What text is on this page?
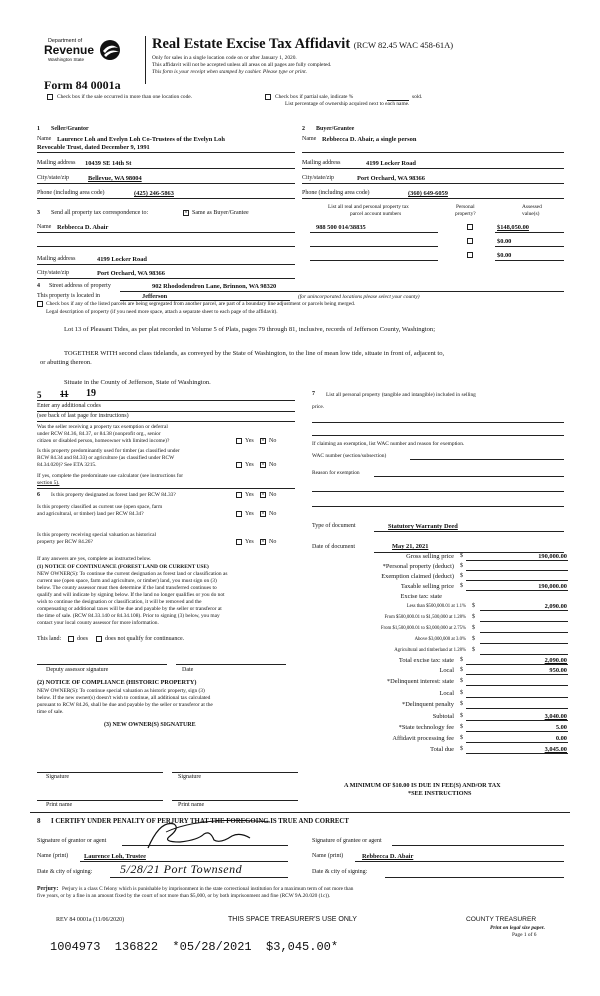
Department of
Revenue
Washington State
Real Estate Excise Tax Affidavit (RCW 82.45 WAC 458-61A)
Only for sales in a single location code on or after January 1, 2020.
This affidavit will not be accepted unless all areas on all pages are fully completed.
This form is your receipt when stamped by cashier. Please type or print.
Form 84 0001a
Check box if the sale occurred in more than one location code.	Check box if partial sale, indicate %	sold.
List percentage of ownership acquired next to each name.
1 Seller/Grantor
Name Laurence Loh and Evelyn Loh Co-Trustees of the Evelyn Loh
Revocable Trust, dated December 9, 1991
Mailing address 10439 SE 14th St
City/state/zip	Bellevue, WA 98004
Phone (including area code)	(425) 246-5863
2 Buyer/Grantee
Name Rebbecca D. Abair, a single person
Mailing address	4199 Locker Road
City/state/zip	Port Orchard, WA 98366
Phone (including area code)	(360) 649-6059
3 Send all property tax correspondence to:	× Same as Buyer/Grantee
Name Rebbecca D. Abair
Mailing address	4199 Locker Road
City/state/zip	Port Orchard, WA 98366
List all real and personal property tax
parcel account numbers
Personal
property?
Assessed
value(s)
988 500 014/38835	$148,050.00
$0.00
$0.00
4 Street address of property	902 Rhododendron Lane, Brinnon, WA 98320
This property is located in	Jefferson	(for unincorporated locations please select your county)
Check box if any of the listed parcels are being segregated from another parcel, are part of a boundary line adjustment or parcels being merged.
Legal description of property (if you need more space, attach a separate sheet to each page of the affidavit).
Lot 13 of Pleasant Tides, as per plat recorded in Volume 5 of Plats, pages 79 through 81, inclusive, records of Jefferson County, Washington;
TOGETHER WITH second class tidelands, as conveyed by the State of Washington, to the line of mean low tide, situate in front of, adjacent to,
or abutting thereon.
Situate in the County of Jefferson, State of Washington.
5 11 19
Enter any additional codes
(see back of last page for instructions)
Was the seller receiving a property tax exemption or deferral
under RCW 84.36, 84.37, or 84.38 (nonprofit org., senior
citizen or disabled person, homeowner with limited income)?	Yes × No
Is this property predominantly used for timber (as classified under
RCW 84.34 and 84.33) or agriculture (as classified under RCW
84.34.020)? See ETA 3215.	Yes × No
If yes, complete the predominate use calculator (see instructions for
section 5).
6 Is this property designated as forest land per RCW 84.33?	Yes × No
Is this property classified as current use (open space, farm
and agricultural, or timber) land per RCW 84.34?	Yes × No
Is this property receiving special valuation as historical
property per RCW 84.26?	Yes × No
If any answers are yes, complete as instructed below.
(1) NOTICE OF CONTINUANCE (FOREST LAND OR CURRENT USE)
NEW OWNER(S): To continue the current designation as forest land or classification as
current use (open space, farm and agriculture, or timber) land, you must sign on (3)
below. The county assessor must then determine if the land transferred continues to
qualify and will indicate by signing below. If the land no longer qualifies or you do not
wish to continue the designation or classification, it will be removed and the
compensating or additional taxes will be due and payable by the seller or transferor at
the time of sale. (RCW 84.33.140 or 84.34.108). Prior to signing (3) below, you may
contact your local county assessor for more information.
This land:	does	does not qualify for continuance.
Deputy assessor signature	Date
(2) NOTICE OF COMPLIANCE (HISTORIC PROPERTY)
NEW OWNER(S): To continue special valuation as historic property, sign (3)
below. If the new owner(s) doesn't wish to continue, all additional tax calculated
pursuant to RCW 84.26, shall be due and payable by the seller or transferor at the
time of sale.
(3) NEW OWNER(S) SIGNATURE
Signature	Signature
Print name	Print name
7 List all personal property (tangible and intangible) included in selling
price.
If claiming an exemption, list WAC number and reason for exemption.
WAC number (section/subsection)
Reason for exemption
Type of document	Statutory Warranty Deed
Date of document	May 21, 2021
Gross selling price $	190,000.00
*Personal property (deduct) $
Exemption claimed (deduct) $
Taxable selling price $	190,000.00
Excise tax: state
Less than $500,000.01 at 1.1% $	2,090.00
From $500,000.01 to $1,500,000 at 1.28% $
From $1,500,000.01 to $3,000,000 at 2.75% $
Above $3,000,000 at 3.0% $
Agricultural and timberland at 1.28% $
Total excise tax: state $	2,090.00
Local $	950.00
*Delinquent interest: state $
Local $
*Delinquent penalty $
Subtotal $	3,040.00
*State technology fee $	5.00
Affidavit processing fee $	0.00
Total due $	3,045.00
A MINIMUM OF $10.00 IS DUE IN FEE(S) AND/OR TAX
*SEE INSTRUCTIONS
8 I CERTIFY UNDER PENALTY OF PERJURY THAT THE FOREGOING IS TRUE AND CORRECT
Signature of grantor or agent	Signature of grantee or agent
Name (print) Laurence Loh, Trustee	Name (print)	Rebbecca D. Abair
Date & city of signing: 5/28/21 Port Townsend	Date & city of signing:
Perjury: Perjury is a class C felony which is punishable by imprisonment in the state correctional institution for a maximum term of not more than
five years, or by a fine in an amount fixed by the court of not more than $5,000, or by both imprisonment and fine (RCW 9A.20.020 (1c)).
REV 84 0001a (11/06/2020)	THIS SPACE TREASURER'S USE ONLY	COUNTY TREASURER
Print on legal size paper.
Page 1 of 6
1004973  136822  *05/28/2021  $3,045.00*
